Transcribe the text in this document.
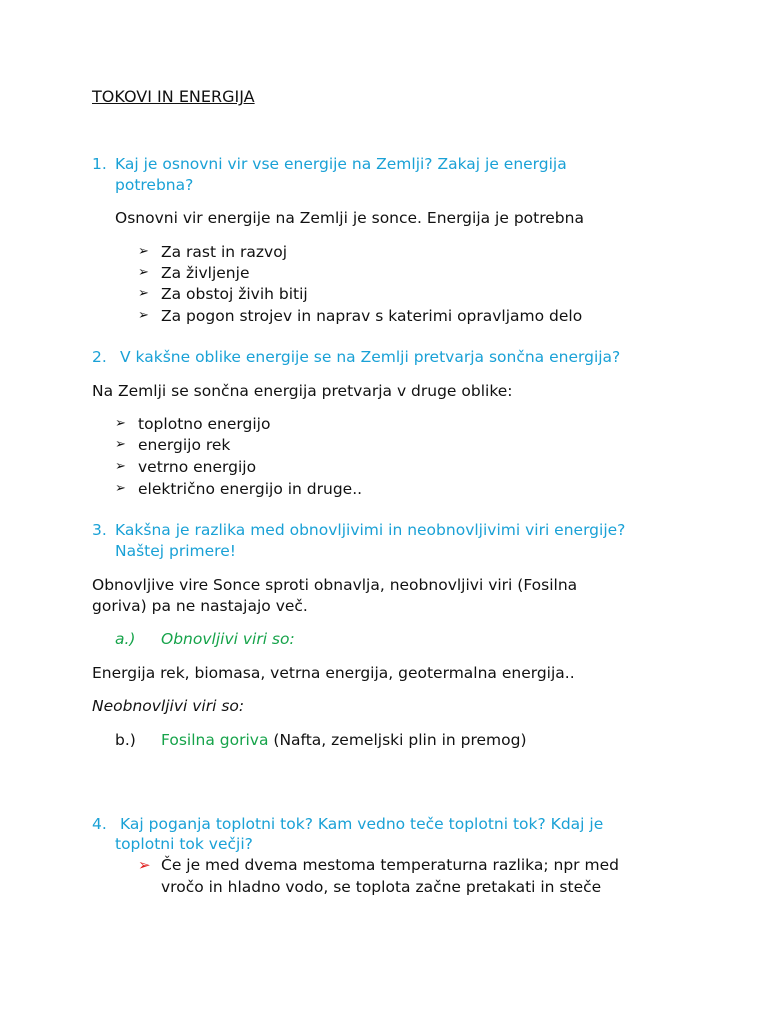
TOKOVI IN ENERGIJA
1. Kaj je osnovni vir vse energije na Zemlji? Zakaj je energija
potrebna?
Osnovni vir energije na Zemlji je sonce. Energija je potrebna
➢ Za rast in razvoj
➢ Za življenje
➢ Za obstoj živih bitij
➢ Za pogon strojev in naprav s katerimi opravljamo delo
2. V kakšne oblike energije se na Zemlji pretvarja sončna energija?
Na Zemlji se sončna energija pretvarja v druge oblike:
➢ toplotno energijo
➢ energijo rek
➢ vetrno energijo
➢ električno energijo in druge..
3. Kakšna je razlika med obnovljivimi in neobnovljivimi viri energije?
Naštej primere!
Obnovljive vire Sonce sproti obnavlja, neobnovljivi viri (Fosilna
goriva) pa ne nastajajo več.
a.) Obnovljivi viri so:
Energija rek, biomasa, vetrna energija, geotermalna energija..
Neobnovljivi viri so:
b.) Fosilna goriva (Nafta, zemeljski plin in premog)
4. Kaj poganja toplotni tok? Kam vedno teče toplotni tok? Kdaj je
toplotni tok večji?
➢ Če je med dvema mestoma temperaturna razlika; npr med
vročo in hladno vodo, se toplota začne pretakati in steče
